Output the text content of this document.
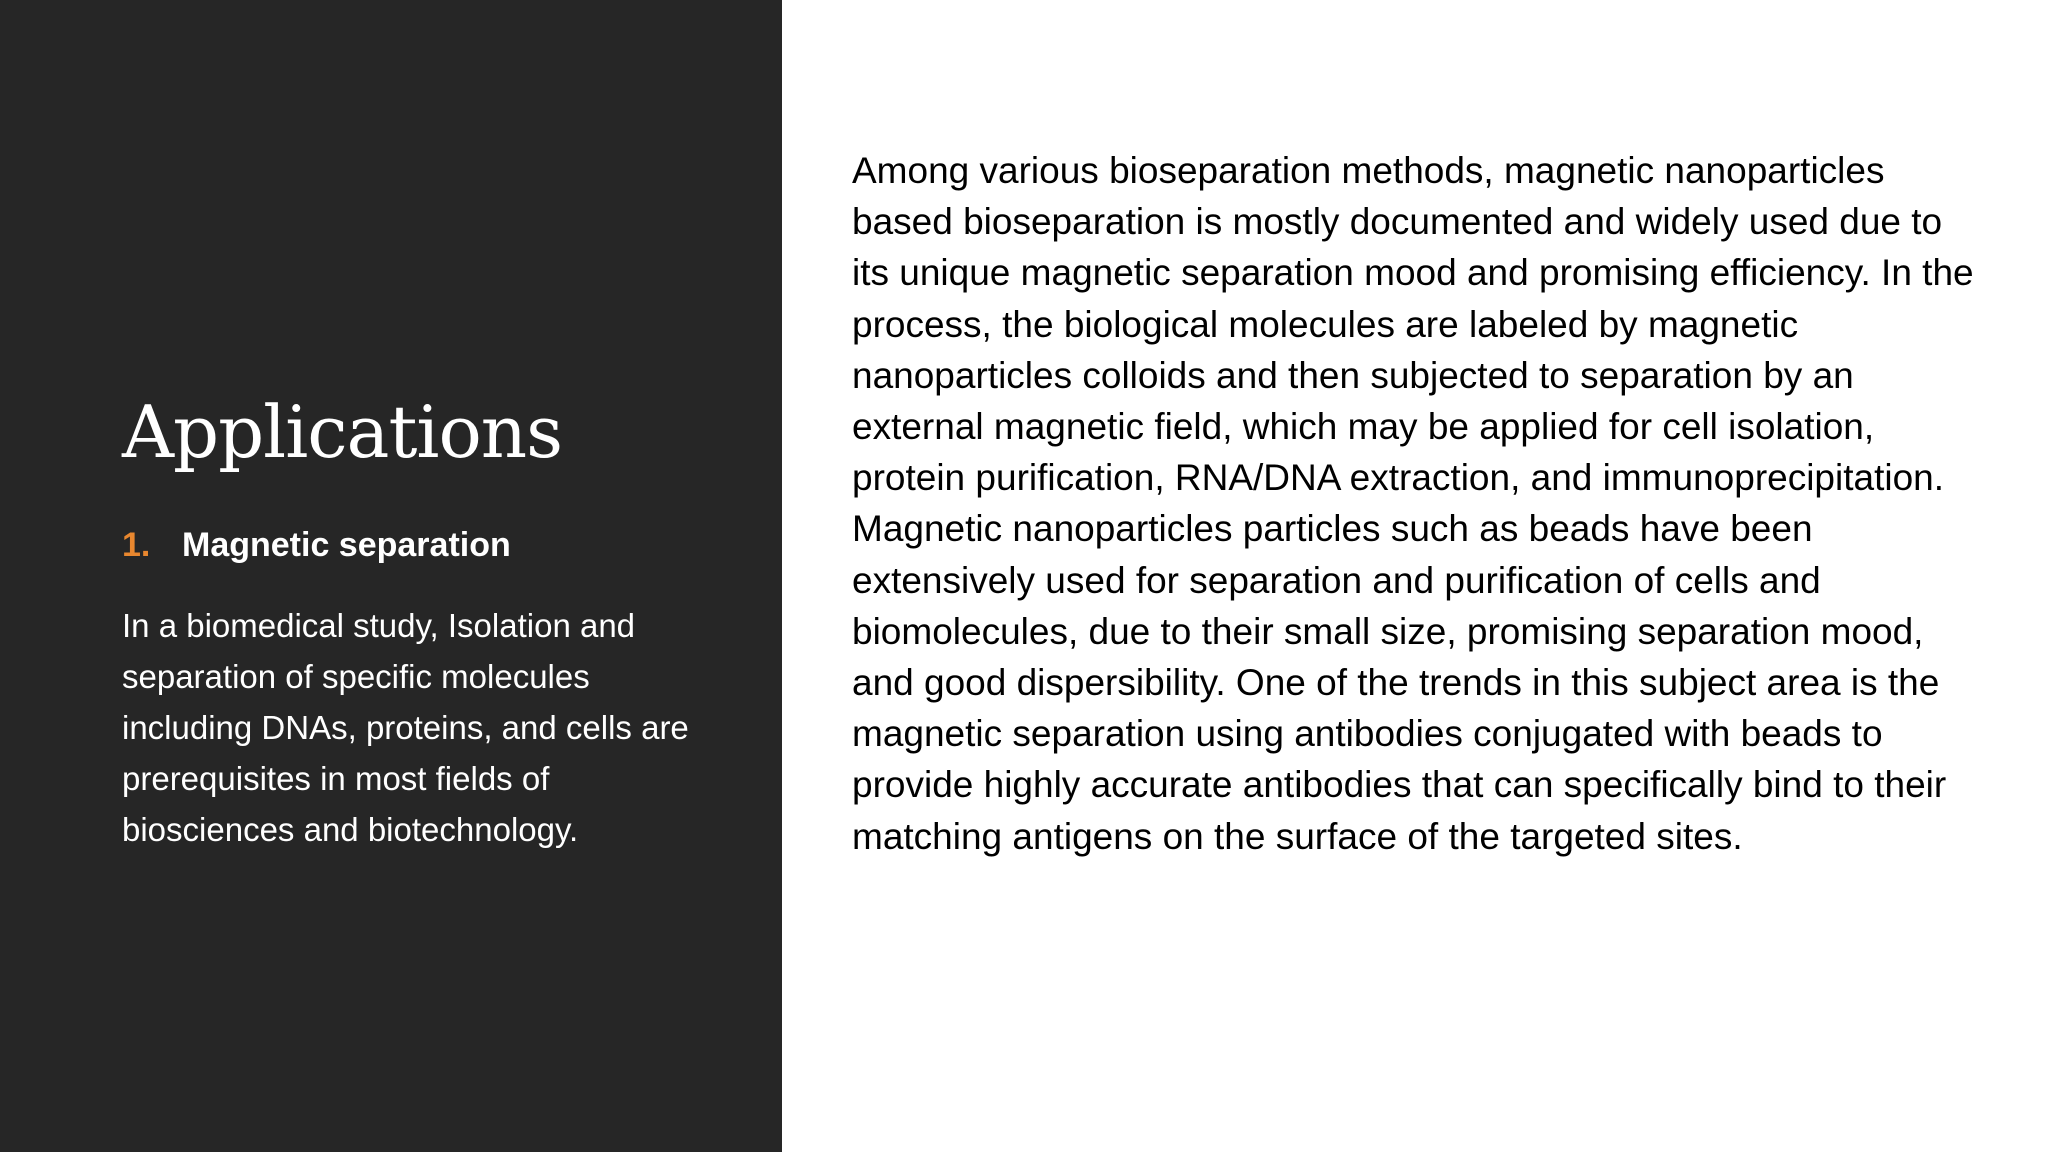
Applications
1. Magnetic separation

In a biomedical study, Isolation and separation of specific molecules including DNAs, proteins, and cells are prerequisites in most fields of biosciences and biotechnology.

Among various bioseparation methods, magnetic nanoparticles based bioseparation is mostly documented and widely used due to its unique magnetic separation mood and promising efficiency. In the process, the biological molecules are labeled by magnetic nanoparticles colloids and then subjected to separation by an external magnetic field, which may be applied for cell isolation, protein purification, RNA/DNA extraction, and immunoprecipitation.

Magnetic nanoparticles particles such as beads have been extensively used for separation and purification of cells and biomolecules, due to their small size, promising separation mood, and good dispersibility. One of the trends in this subject area is the magnetic separation using antibodies conjugated with beads to provide highly accurate antibodies that can specifically bind to their matching antigens on the surface of the targeted sites.
